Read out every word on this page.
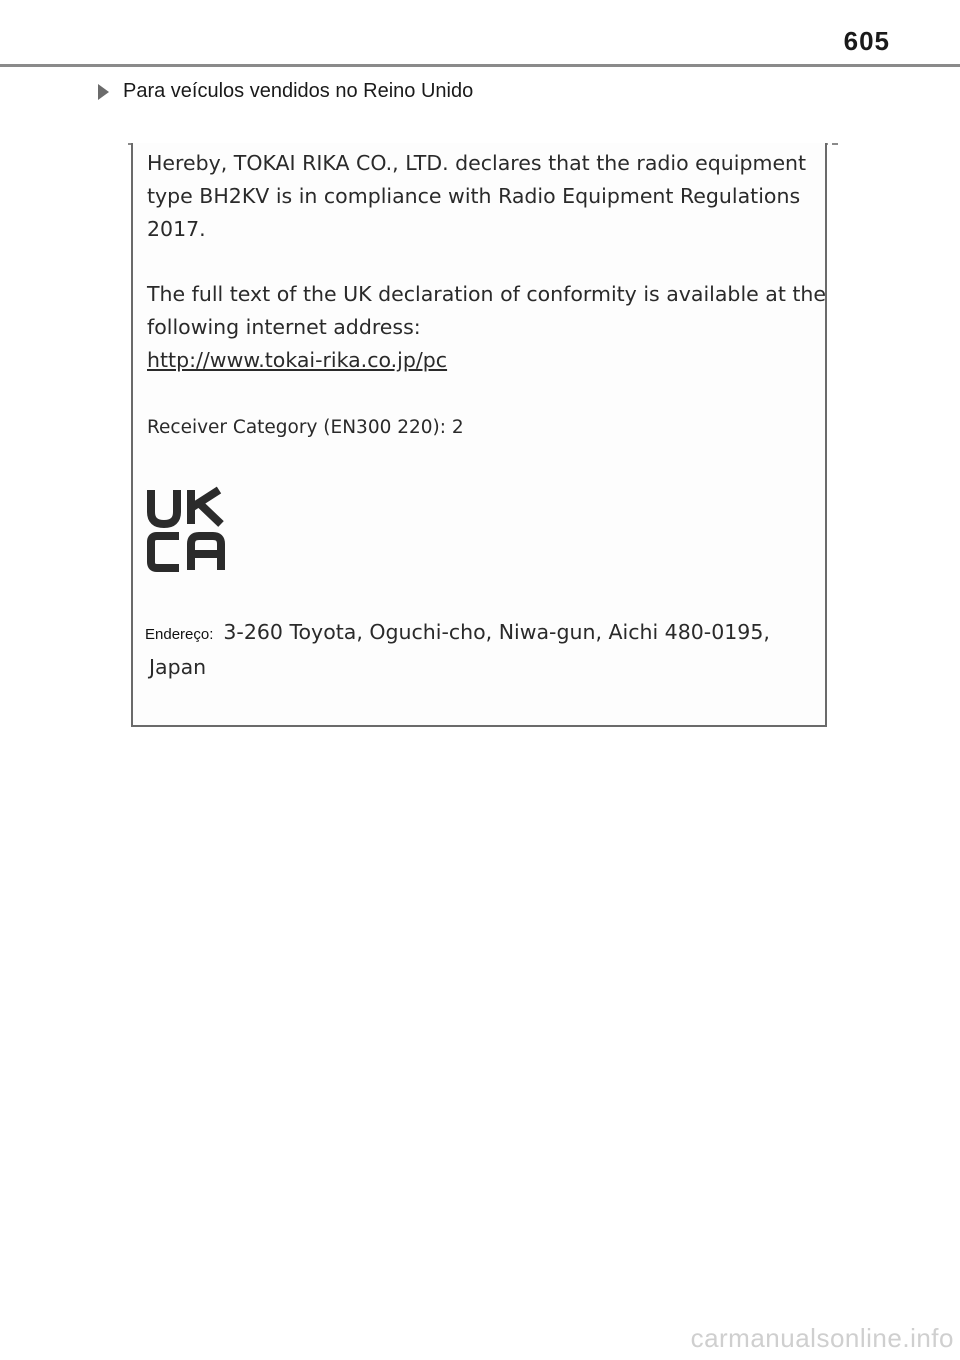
605
Para veículos vendidos no Reino Unido
Hereby, TOKAI RIKA CO., LTD. declares that the radio equipment
type BH2KV is in compliance with Radio Equipment Regulations
2017.
The full text of the UK declaration of conformity is available at the
following internet address:
http://www.tokai-rika.co.jp/pc
Receiver Category (EN300 220): 2
Endereço: 3-260 Toyota, Oguchi-cho, Niwa-gun, Aichi 480-0195,
Japan
carmanualsonline.info
